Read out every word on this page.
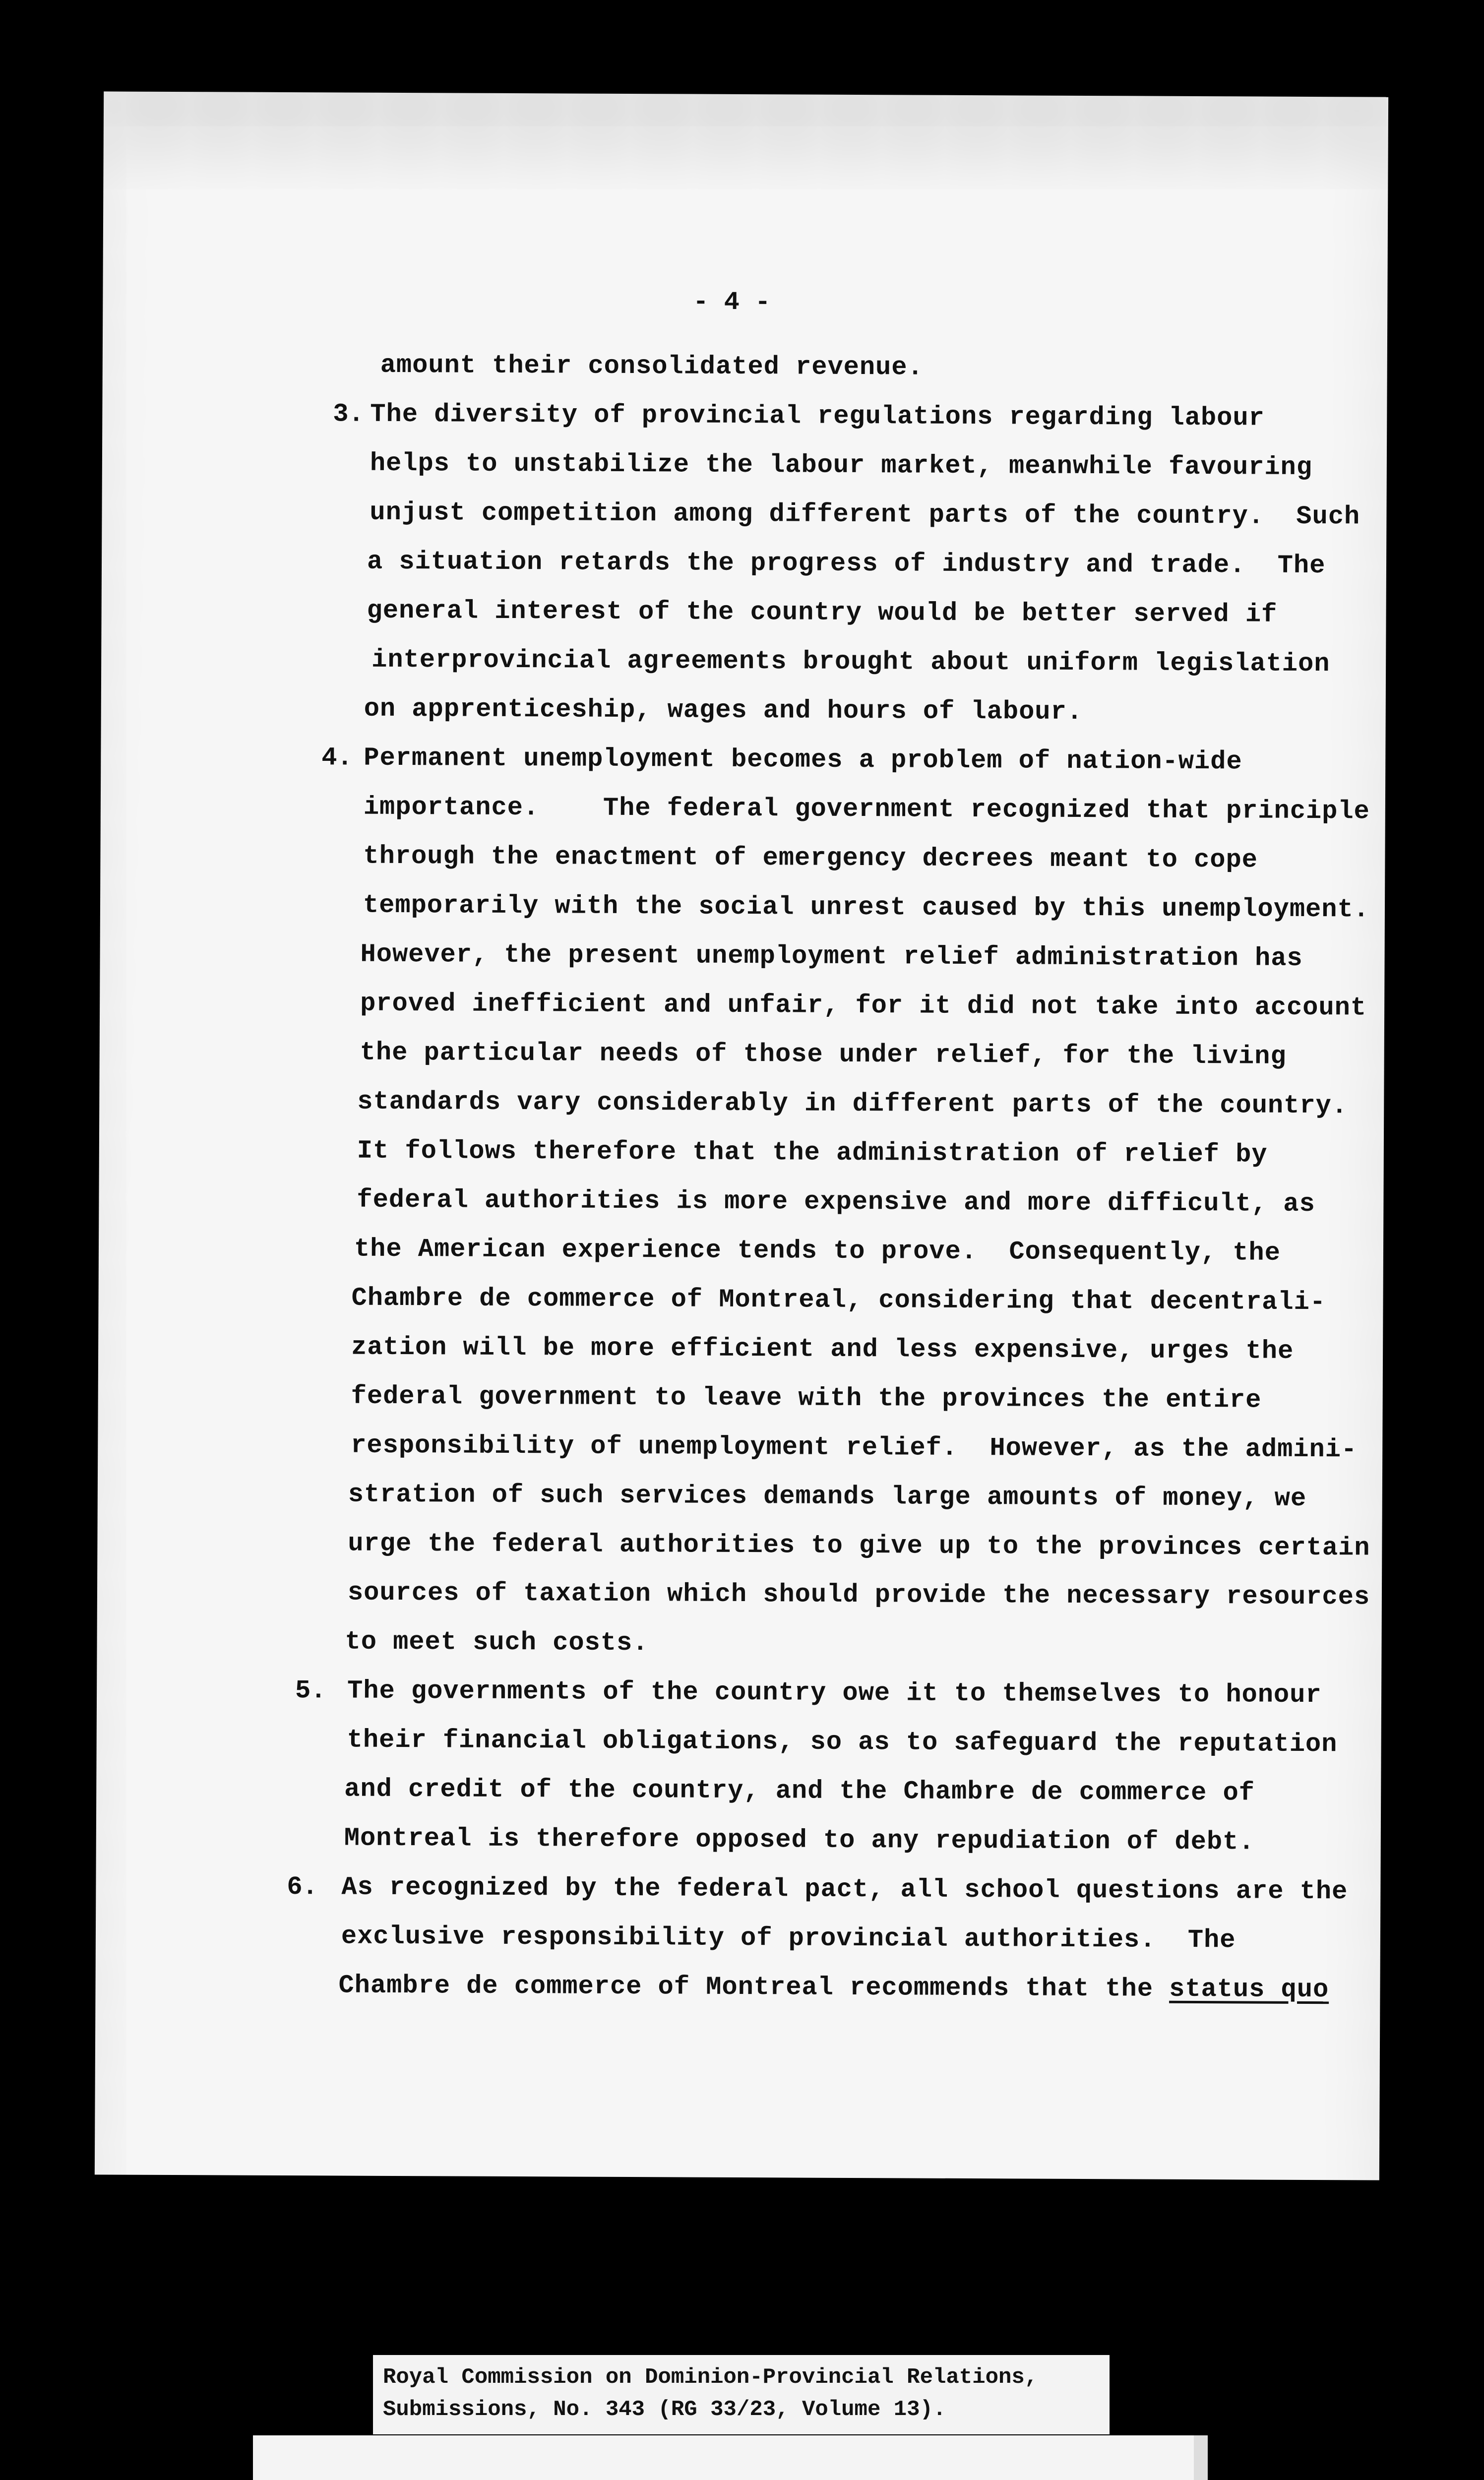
- 4 -
amount their consolidated revenue.
The diversity of provincial regulations regarding labour
helps to unstabilize the labour market, meanwhile favouring
unjust competition among different parts of the country.  Such
a situation retards the progress of industry and trade.  The
general interest of the country would be better served if
interprovincial agreements brought about uniform legislation
on apprenticeship, wages and hours of labour.
Permanent unemployment becomes a problem of nation-wide
importance.    The federal government recognized that principle
through the enactment of emergency decrees meant to cope
temporarily with the social unrest caused by this unemployment.
However, the present unemployment relief administration has
proved inefficient and unfair, for it did not take into account
the particular needs of those under relief, for the living
standards vary considerably in different parts of the country.
It follows therefore that the administration of relief by
federal authorities is more expensive and more difficult, as
the American experience tends to prove.  Consequently, the
Chambre de commerce of Montreal, considering that decentrali-
zation will be more efficient and less expensive, urges the
federal government to leave with the provinces the entire
responsibility of unemployment relief.  However, as the admini-
stration of such services demands large amounts of money, we
urge the federal authorities to give up to the provinces certain
sources of taxation which should provide the necessary resources
to meet such costs.
The governments of the country owe it to themselves to honour
their financial obligations, so as to safeguard the reputation
and credit of the country, and the Chambre de commerce of
Montreal is therefore opposed to any repudiation of debt.
As recognized by the federal pact, all school questions are the
exclusive responsibility of provincial authorities.  The
Chambre de commerce of Montreal recommends that the status quo
3.
4.
5.
6.
Royal Commission on Dominion-Provincial Relations,
Submissions, No. 343 (RG 33/23, Volume 13).
